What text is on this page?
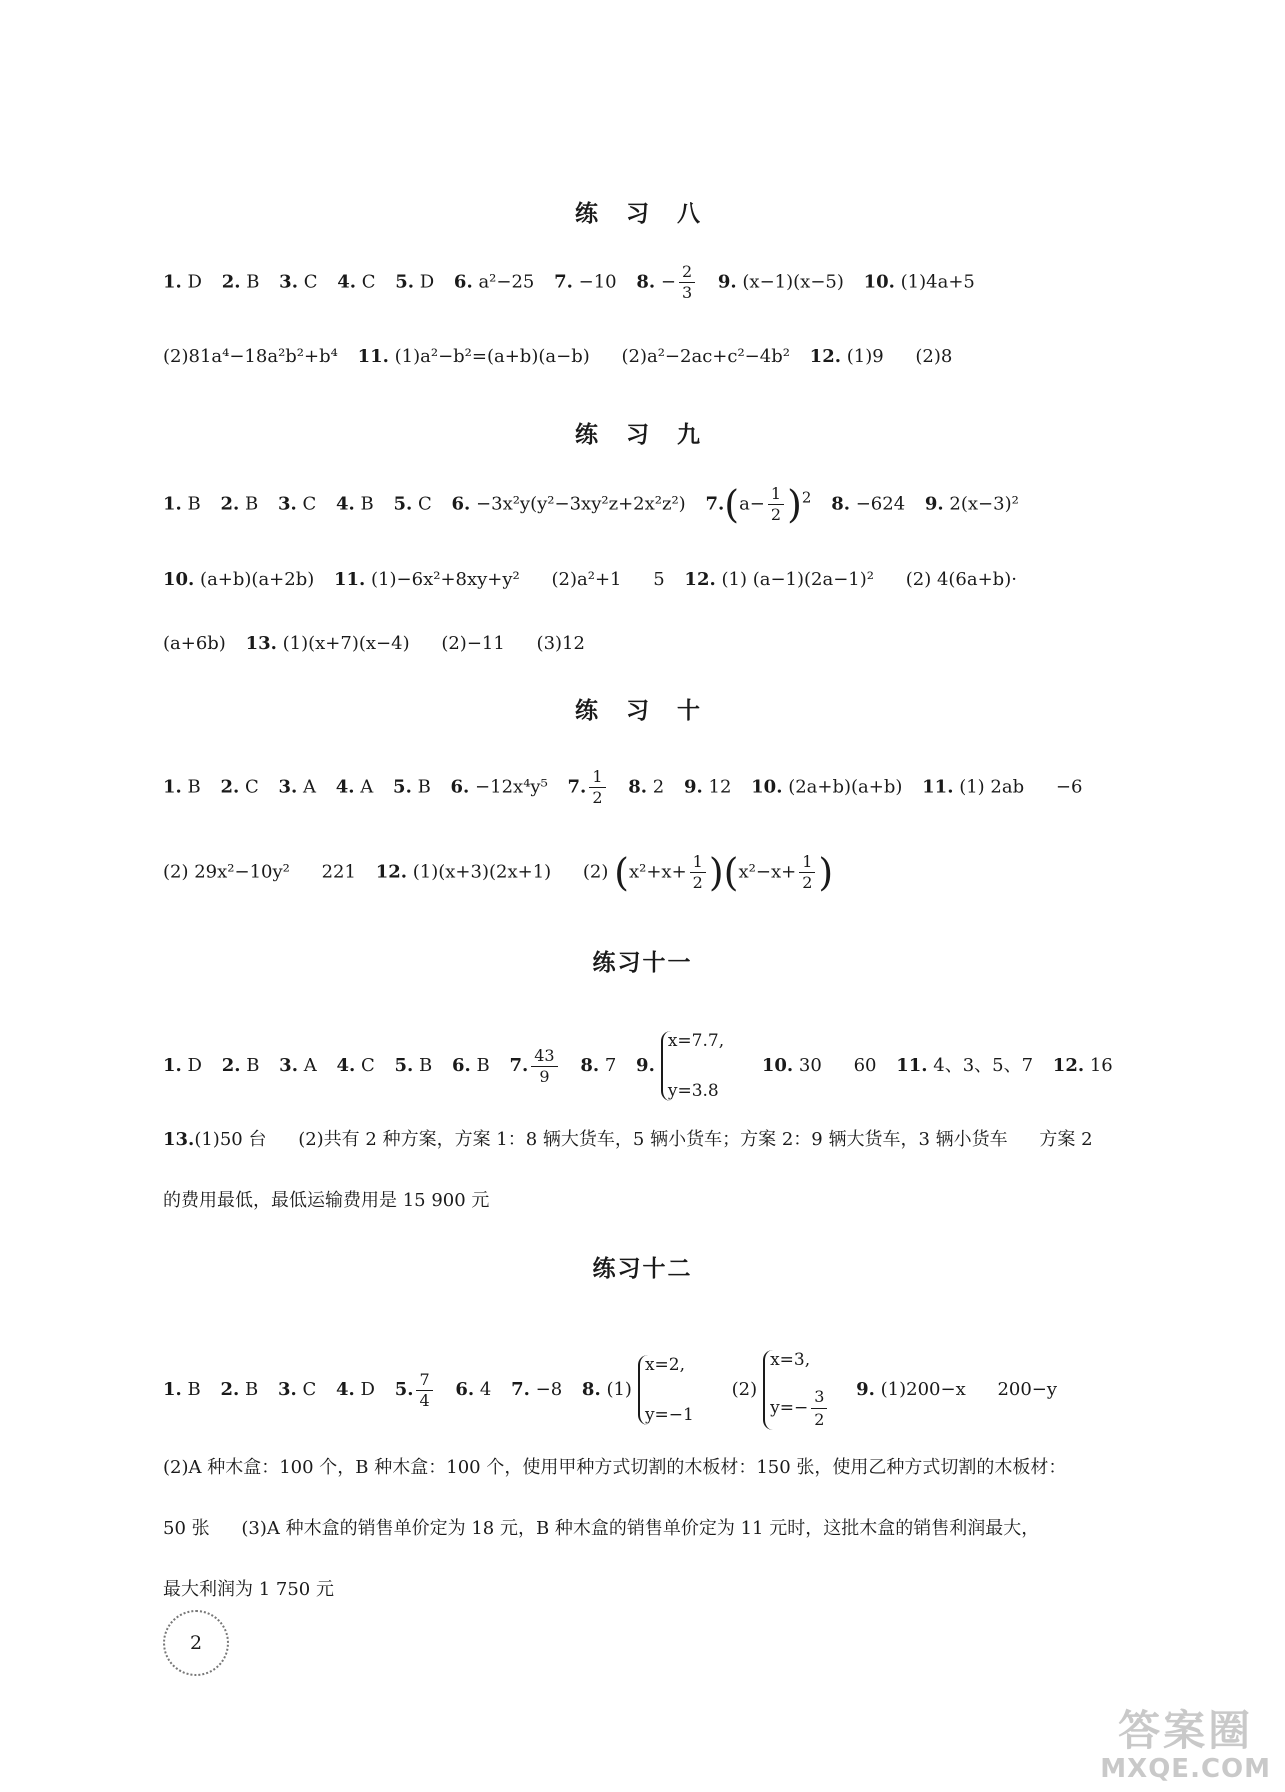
练 习 八
1. D 2. B 3. C 4. C 5. D 6. a²−25 7. −10 8. − $\frac{2}{3} 9$. (x−1)(x−5) 10. (1)4a+5
(2)81a⁴−18a²b²+b⁴ 11. (1)a²−b²=(a+b)(a−b) (2)a²−2ac+c²−4b² 12. (1)9 (2)8
练 习 九
1. B 2. B 3. C 4. B 5. C 6. −3x²y(y²−3xy²z+2x²z²) $7.(a- \frac{1}{2} )^2$ 8. −624 9. 2(x−3)²
10. (a+b)(a+2b) 11. (1)−6x²+8xy+y² (2)a²+1 5 12. (1) (a−1)(2a−1)² (2) 4(6a+b)·
(a+6b) 13. (1)(x+7)(x−4) (2)−11 (3)12
练 习 十
1. B 2. C 3. A 4. A 5. B 6. −12x⁴y⁵ 7. $\frac{1}{2} 8$. 2 9. 12 10. (2a+b)(a+b) 11. (1) 2ab −6
(2) 29x²−10y² 221 12. (1)(x+3)(2x+1) (2) $(x^2+x+ \frac{1}{2} )(x^2-x+ \frac{1}{2}$ )
练习十一
1. D 2. B 3. A 4. C 5. B 6. B 7. $\frac{43}{9} 8$. 7 9.
x=7.7,
y=3.8
10. 30 60 11. 4、3、5、7 12. 16
13.(1)50 台 (2)共有 2 种方案，方案 1：8 辆大货车，5 辆小货车；方案 2：9 辆大货车，3 辆小货车 方案 2
的费用最低，最低运输费用是 15 900 元
练习十二
1. B 2. B 3. C 4. D 5. $\frac{7}{4} 6$. 4 7. −8 8. (1)
x=2,
y=−1
(2)
x=3,
$y=- \frac{3}{2} 9$. (1)200−x 200−y
(2)A 种木盒：100 个，B 种木盒：100 个，使用甲种方式切割的木板材：150 张，使用乙种方式切割的木板材：
50 张 (3)A 种木盒的销售单价定为 18 元，B 种木盒的销售单价定为 11 元时，这批木盒的销售利润最大，
最大利润为 1 750 元
2
答案圈
MXQE.COM
